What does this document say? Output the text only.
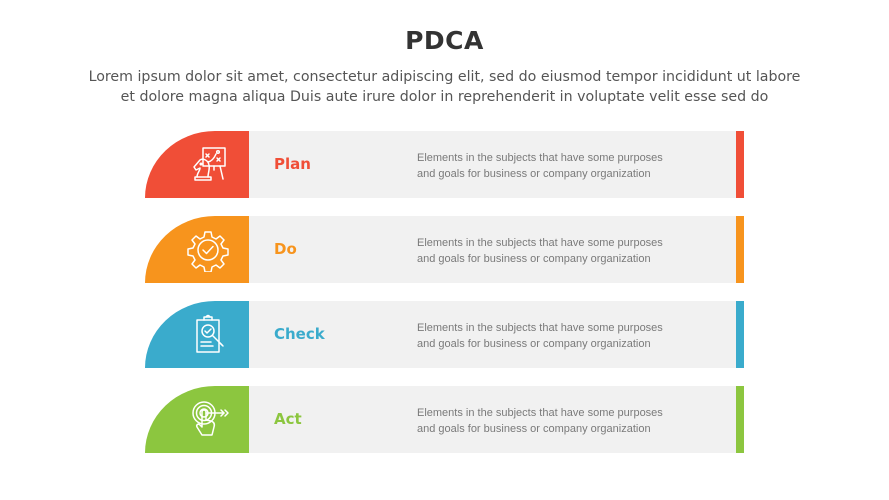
PDCA
Lorem ipsum dolor sit amet, consectetur adipiscing elit, sed do eiusmod tempor incididunt ut labore
et dolore magna aliqua Duis aute irure dolor in reprehenderit in voluptate velit esse sed do
Plan	Elements in the subjects that have some purposes
and goals for business or company organization
Do	Elements in the subjects that have some purposes
and goals for business or company organization
Check	Elements in the subjects that have some purposes
and goals for business or company organization
Act	Elements in the subjects that have some purposes
and goals for business or company organization
